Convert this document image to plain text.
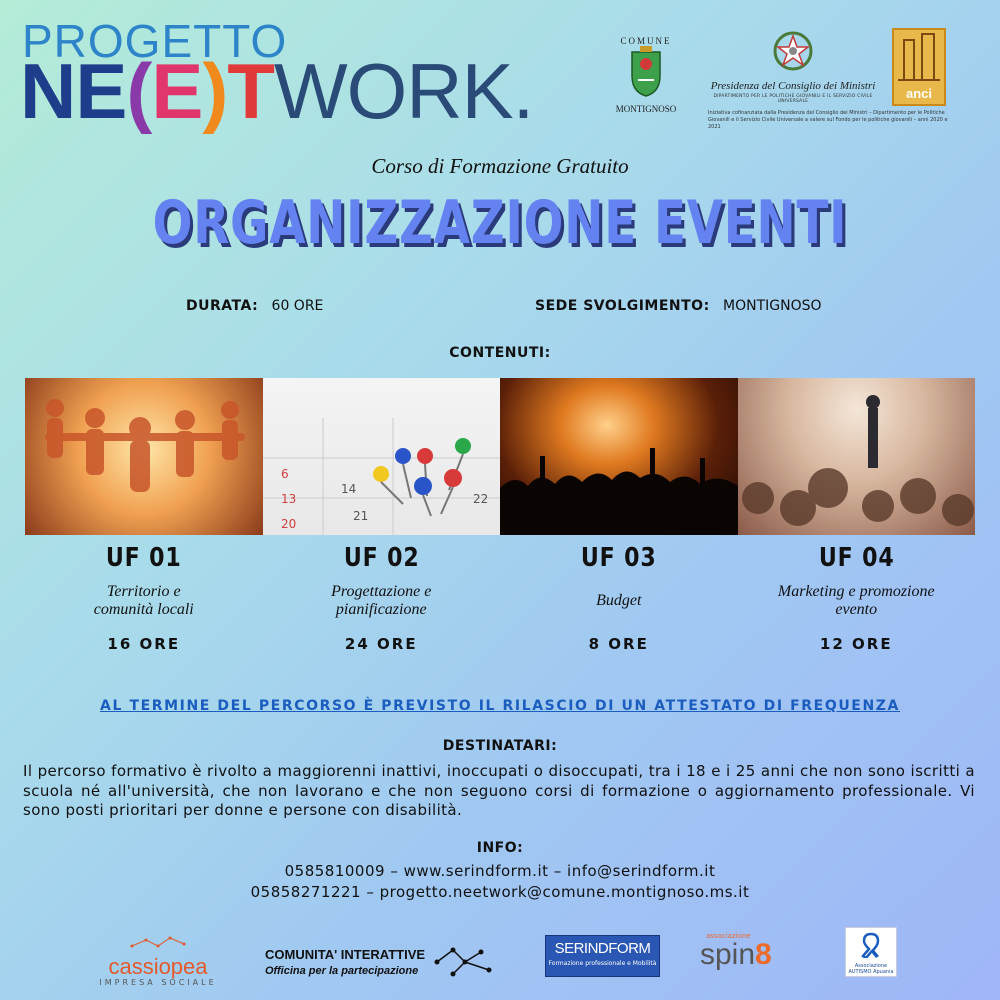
PROGETTO
NE(E)TWORK.
COMUNE
MONTIGNOSO
Presidenza del Consiglio dei Ministri
DIPARTIMENTO PER LE POLITICHE GIOVANILI E IL SERVIZIO CIVILE UNIVERSALE
anci
Iniziativa cofinanziata dalla Presidenza del Consiglio dei Ministri – Dipartimento per le Politiche Giovanili e il Servizio Civile Universale a valere sul Fondo per le politiche giovanili – anni 2020 e 2021
Corso di Formazione Gratuito
ORGANIZZAZIONE EVENTI
DURATA: 60 ORE	SEDE SVOLGIMENTO: MONTIGNOSO
CONTENUTI:
6
13
20
14
21
22
UF 01
Territorio e comunità locali
16 ORE
UF 02
Progettazione e pianificazione
24 ORE
UF 03
Budget
8 ORE
UF 04
Marketing e promozione evento
12 ORE
AL TERMINE DEL PERCORSO È PREVISTO IL RILASCIO DI UN ATTESTATO DI FREQUENZA
DESTINATARI:
Il percorso formativo è rivolto a maggiorenni inattivi, inoccupati o disoccupati, tra i 18 e i 25 anni che non sono iscritti a scuola né all'università, che non lavorano e che non seguono corsi di formazione o aggiornamento professionale. Vi sono posti prioritari per donne e persone con disabilità.
INFO:
0585810009 – www.serindform.it – info@serindform.it
05858271221 – progetto.neetwork@comune.montignoso.ms.it
cassiopea
IMPRESA SOCIALE
COMUNITA' INTERATTIVE
Officina per la partecipazione
SERINDFORM
Formazione professionale e Mobilità
associazione
spin8	Associazione AUTISMO Apuania
